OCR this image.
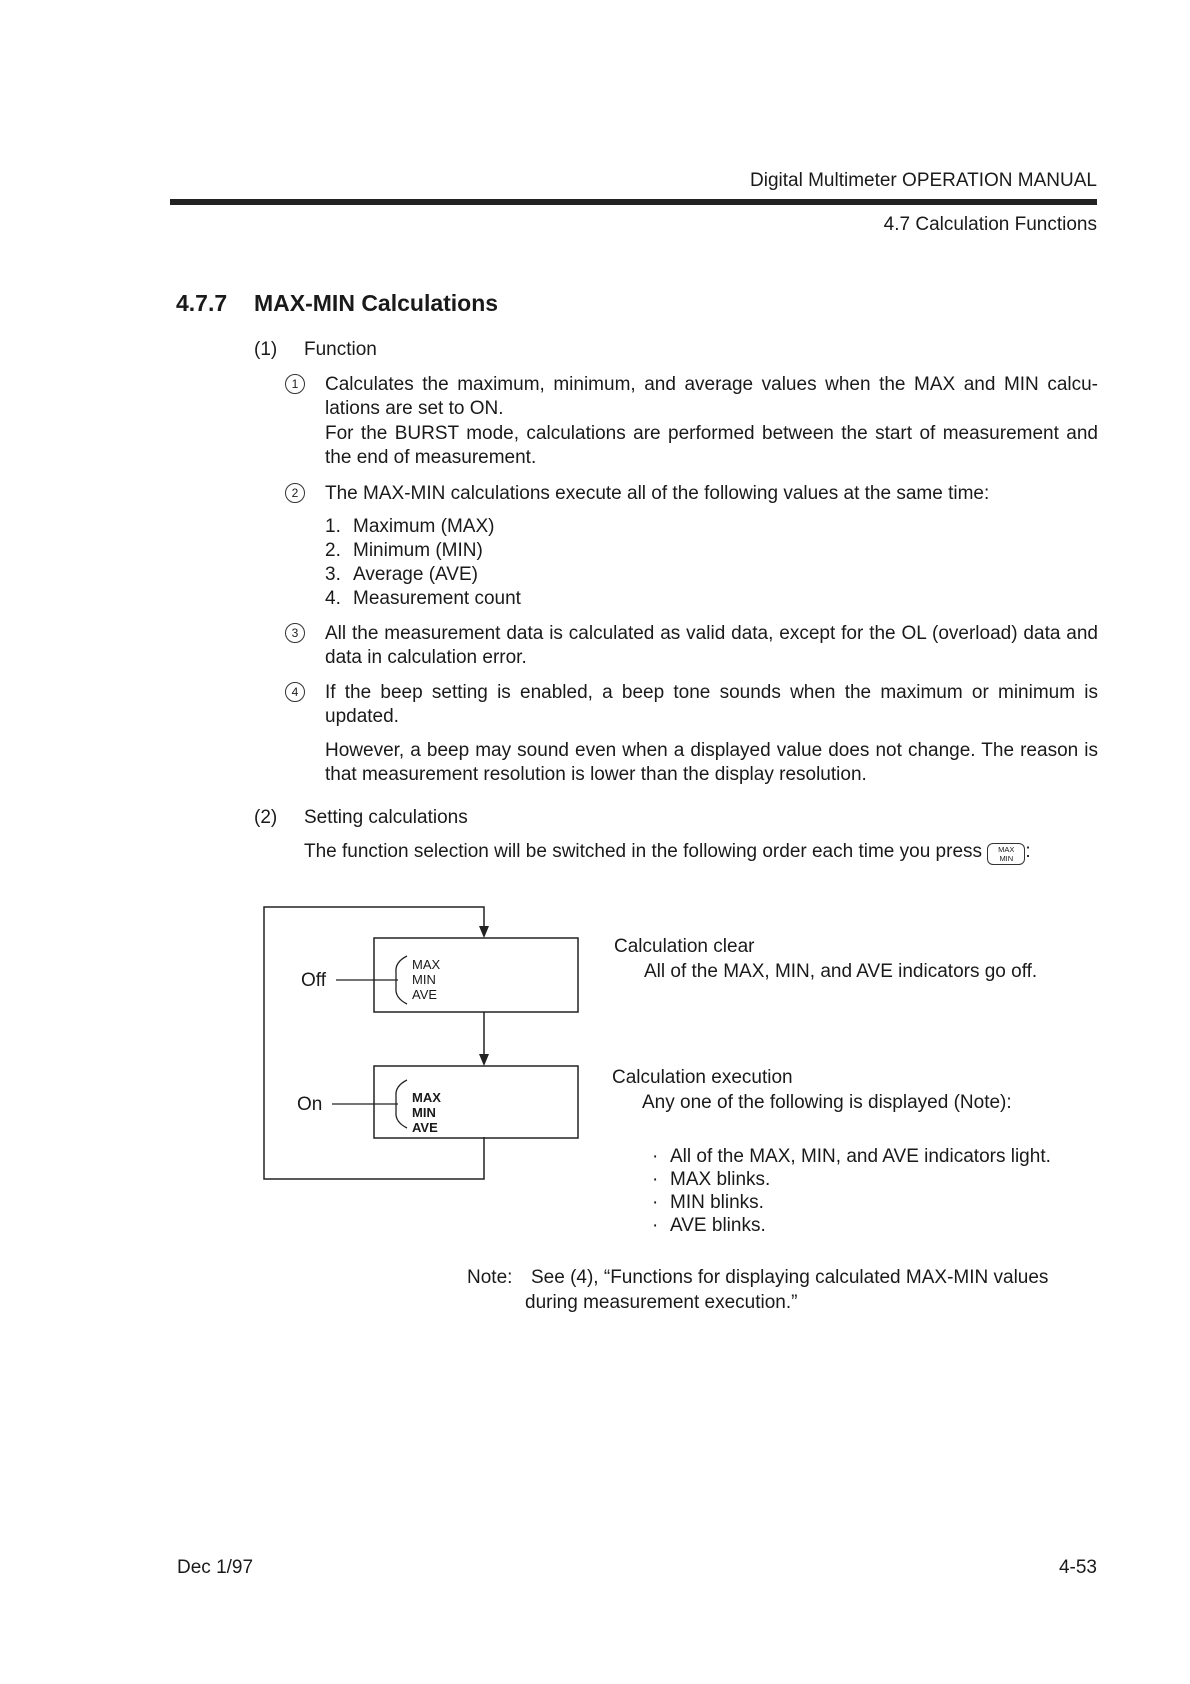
Digital Multimeter OPERATION MANUAL
4.7 Calculation Functions
4.7.7 MAX-MIN Calculations
(1) Function
1	Calculates the maximum, minimum, and average values when the MAX and MIN calcu-lations are set to ON.
For the BURST mode, calculations are performed between the start of measurement and the end of measurement.
2	The MAX-MIN calculations execute all of the following values at the same time:
1. Maximum (MAX)
2. Minimum (MIN)
3. Average (AVE)
4. Measurement count
3	All the measurement data is calculated as valid data, except for the OL (overload) data and data in calculation error.
4	If the beep setting is enabled, a beep tone sounds when the maximum or minimum is updated.
However, a beep may sound even when a displayed value does not change. The reason is that measurement resolution is lower than the display resolution.
(2) Setting calculations
The function selection will be switched in the following order each time you press MAX
MIN :
Off
MAX
MIN
AVE
On	MAX
MIN
AVE
Calculation clear
All of the MAX, MIN, and AVE indicators go off.
Calculation execution
Any one of the following is displayed (Note):
· All of the MAX, MIN, and AVE indicators light.
· MAX blinks.
· MIN blinks.
· AVE blinks.
Note: See (4), “Functions for displaying calculated MAX-MIN values
during measurement execution.”
Dec 1/97	4-53
